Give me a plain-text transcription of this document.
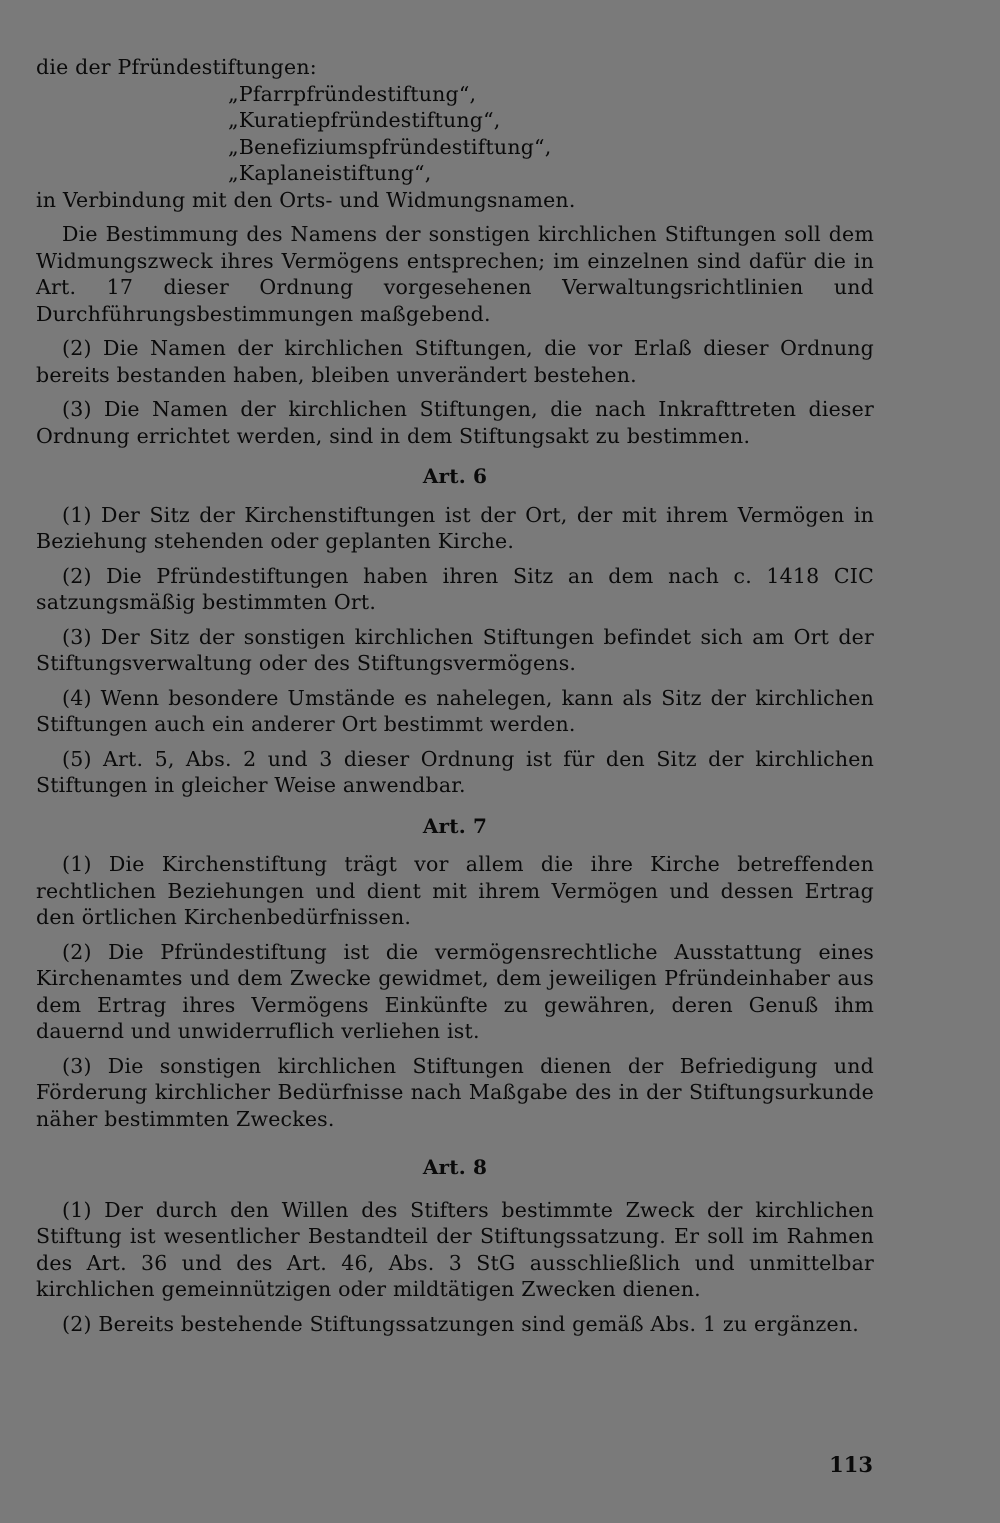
die der Pfründestiftungen:

„Pfarrpfründestiftung“,
„Kuratiepfründestiftung“,
„Benefiziumspfründestiftung“,
„Kaplaneistiftung“,

in Verbindung mit den Orts- und Widmungsnamen.

Die Bestimmung des Namens der sonstigen kirchlichen Stiftungen soll dem Widmungszweck ihres Vermögens entsprechen; im einzelnen sind dafür die in Art. 17 dieser Ordnung vorgesehenen Verwaltungsrichtlinien und Durchführungsbestimmungen maßgebend.

(2) Die Namen der kirchlichen Stiftungen, die vor Erlaß dieser Ordnung bereits bestanden haben, bleiben unverändert bestehen.

(3) Die Namen der kirchlichen Stiftungen, die nach Inkrafttreten dieser Ordnung errichtet werden, sind in dem Stiftungsakt zu bestimmen.

Art. 6

(1) Der Sitz der Kirchenstiftungen ist der Ort, der mit ihrem Vermögen in Beziehung stehenden oder geplanten Kirche.

(2) Die Pfründestiftungen haben ihren Sitz an dem nach c. 1418 CIC satzungsmäßig bestimmten Ort.

(3) Der Sitz der sonstigen kirchlichen Stiftungen befindet sich am Ort der Stiftungsverwaltung oder des Stiftungsvermögens.

(4) Wenn besondere Umstände es nahelegen, kann als Sitz der kirchlichen Stiftungen auch ein anderer Ort bestimmt werden.

(5) Art. 5, Abs. 2 und 3 dieser Ordnung ist für den Sitz der kirchlichen Stiftungen in gleicher Weise anwendbar.

Art. 7

(1) Die Kirchenstiftung trägt vor allem die ihre Kirche betreffenden rechtlichen Beziehungen und dient mit ihrem Vermögen und dessen Ertrag den örtlichen Kirchenbedürfnissen.

(2) Die Pfründestiftung ist die vermögensrechtliche Ausstattung eines Kirchenamtes und dem Zwecke gewidmet, dem jeweiligen Pfründeinhaber aus dem Ertrag ihres Vermögens Einkünfte zu gewähren, deren Genuß ihm dauernd und unwiderruflich verliehen ist.

(3) Die sonstigen kirchlichen Stiftungen dienen der Befriedigung und Förderung kirchlicher Bedürfnisse nach Maßgabe des in der Stiftungsurkunde näher bestimmten Zweckes.

Art. 8

(1) Der durch den Willen des Stifters bestimmte Zweck der kirchlichen Stiftung ist wesentlicher Bestandteil der Stiftungssatzung. Er soll im Rahmen des Art. 36 und des Art. 46, Abs. 3 StG ausschließlich und unmittelbar kirchlichen gemeinnützigen oder mildtätigen Zwecken dienen.

(2) Bereits bestehende Stiftungssatzungen sind gemäß Abs. 1 zu ergänzen.

113
